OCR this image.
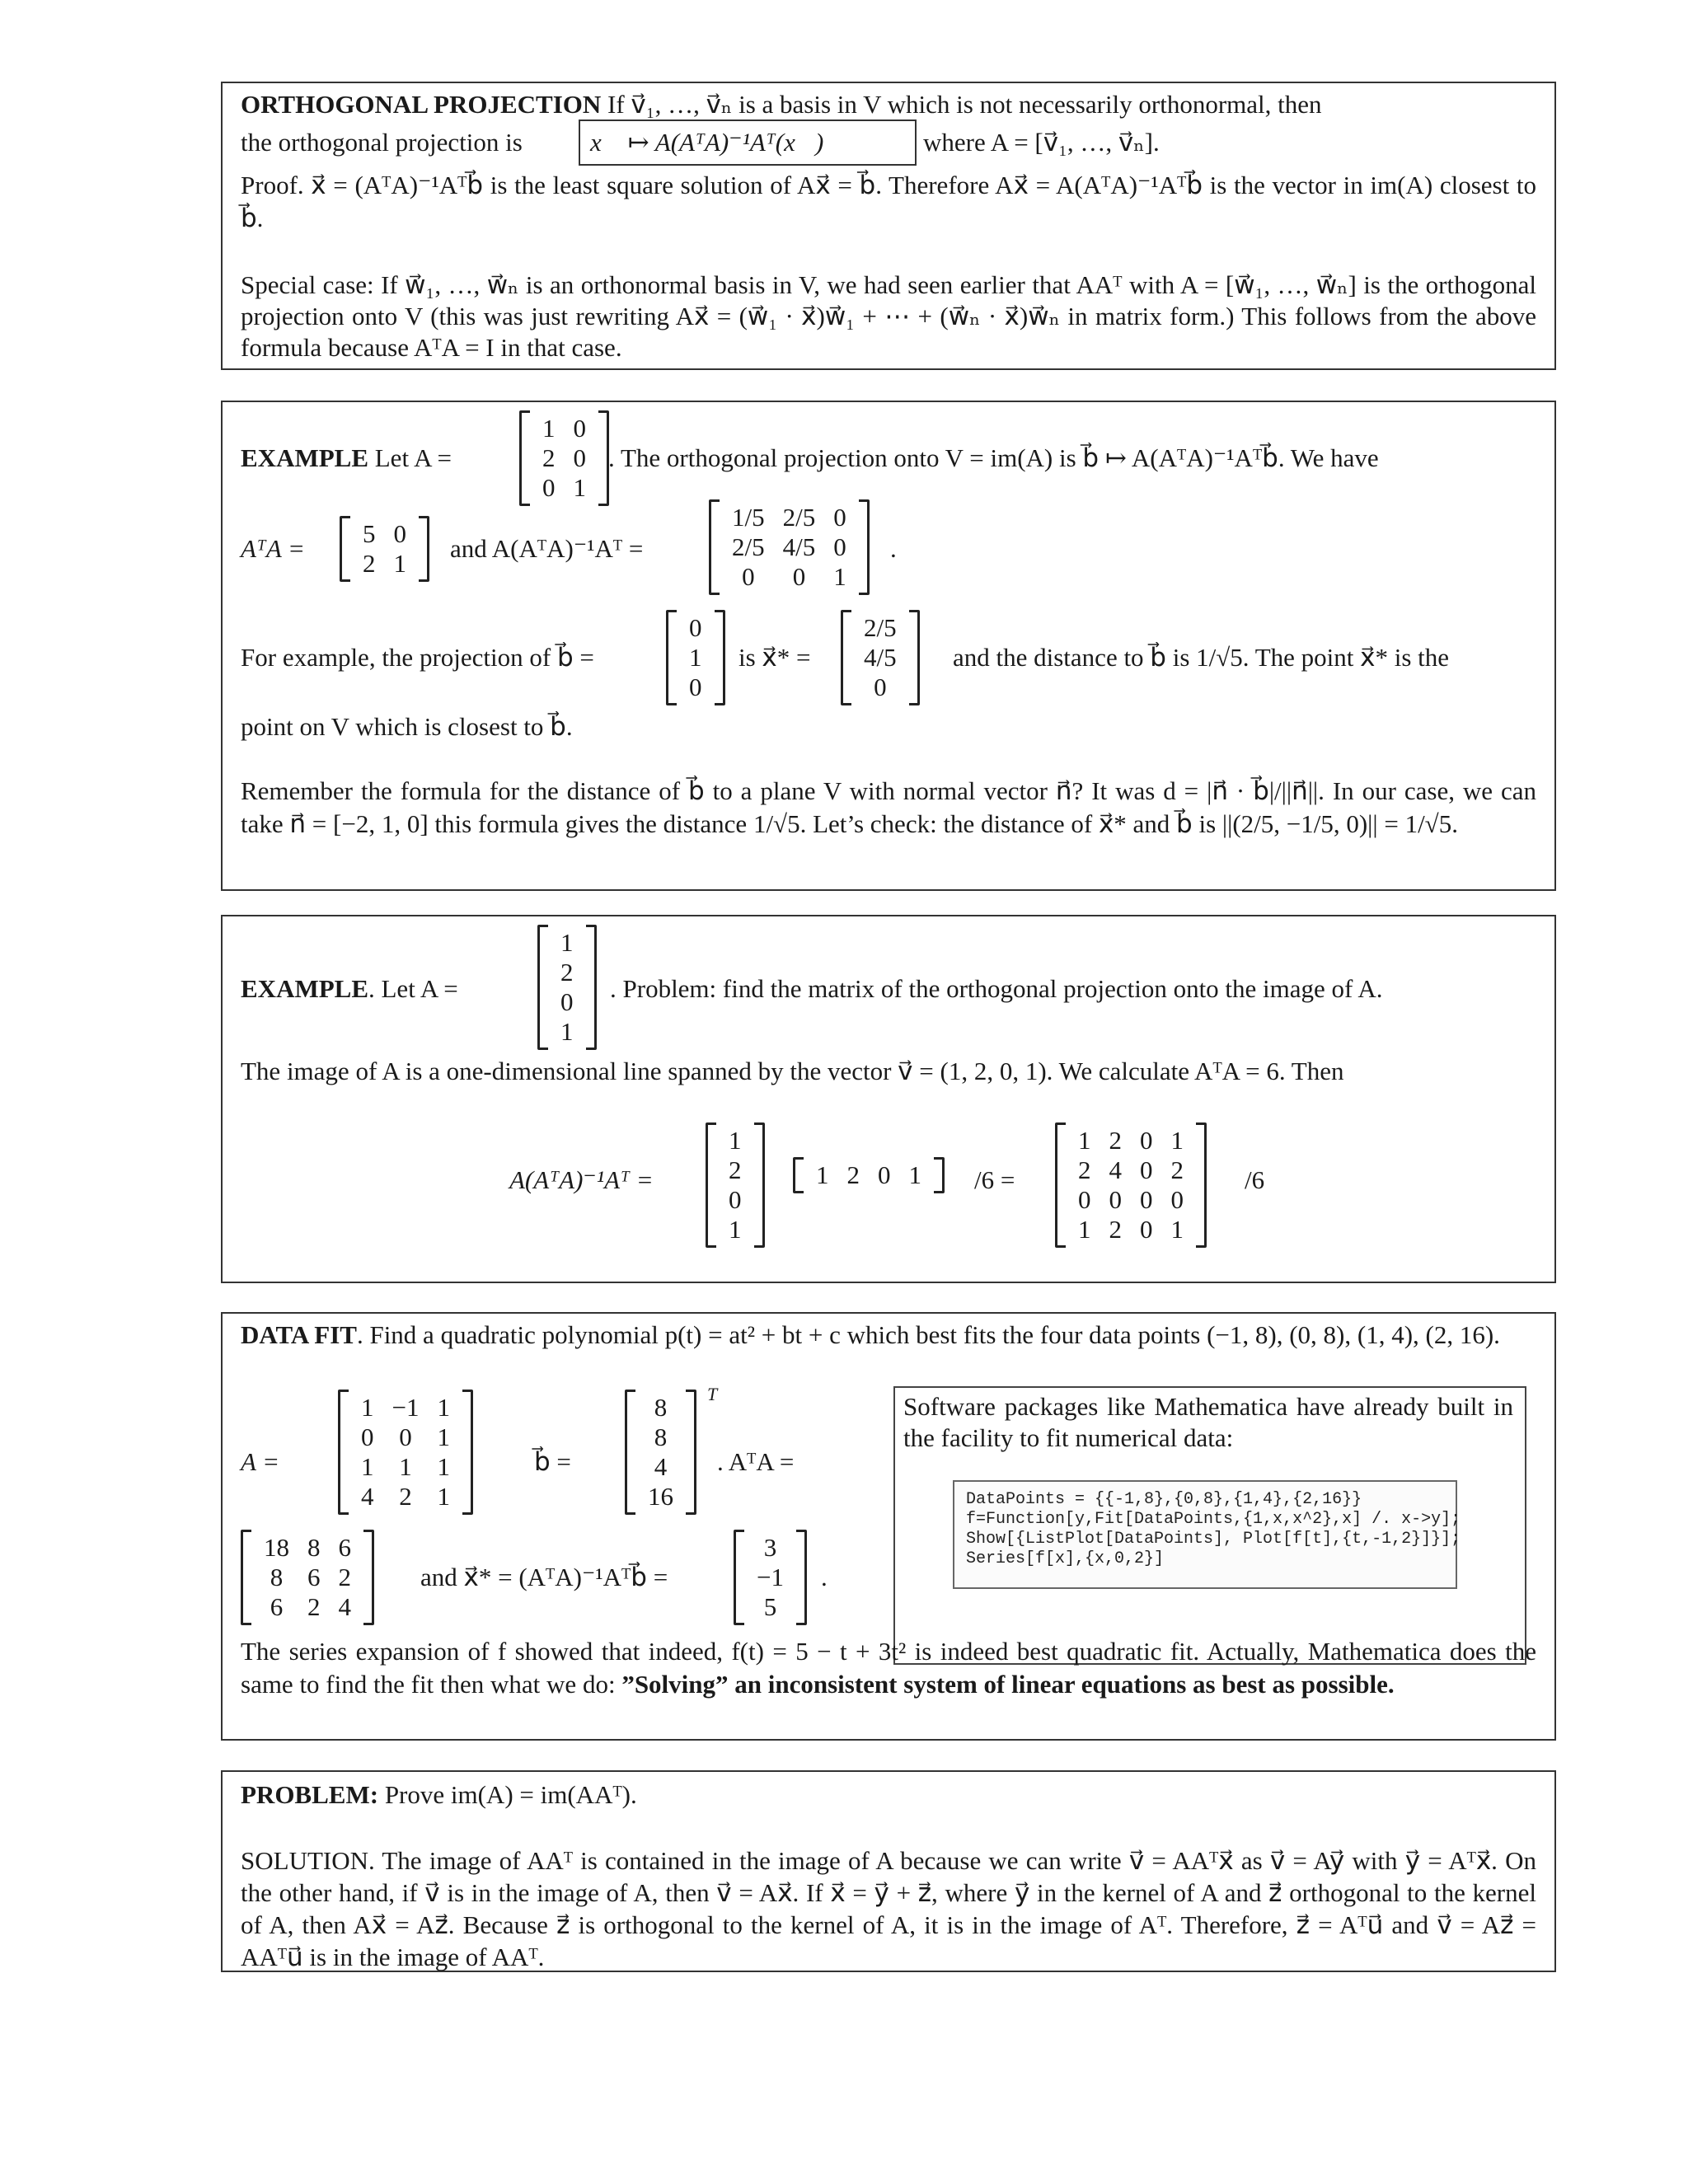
ORTHOGONAL PROJECTION If v⃗₁, …, v⃗ₙ is a basis in V which is not necessarily orthonormal, then
the orthogonal projection is	x⃗ ↦ A(AᵀA)⁻¹Aᵀ(x⃗)	where A = [v⃗₁, …, v⃗ₙ].

Proof. x⃗ = (AᵀA)⁻¹Aᵀb⃗ is the least square solution of Ax⃗ = b⃗. Therefore Ax⃗ = A(AᵀA)⁻¹Aᵀb⃗ is the vector in im(A) closest to b⃗.

Special case: If w⃗₁, …, w⃗ₙ is an orthonormal basis in V, we had seen earlier that AAᵀ with A = [w⃗₁, …, w⃗ₙ] is the orthogonal projection onto V (this was just rewriting Ax⃗ = (w⃗₁ · x⃗)w⃗₁ + ⋯ + (w⃗ₙ · x⃗)w⃗ₙ in matrix form.) This follows from the above formula because AᵀA = I in that case.

EXAMPLE Let A =
1	0
2	0
0	1
. The orthogonal projection onto V = im(A) is b⃗ ↦ A(AᵀA)⁻¹Aᵀb⃗. We have
AᵀA =
5	0
2	1
and A(AᵀA)⁻¹Aᵀ =
1/5	2/5	0
2/5	4/5	0
0	0	1
.
For example, the projection of b⃗ =
0
1
0
is x⃗* =
2/5
4/5
0
and the distance to b⃗ is 1/√5. The point x⃗* is the
point on V which is closest to b⃗.

Remember the formula for the distance of b⃗ to a plane V with normal vector n⃗? It was d = |n⃗ · b⃗|/||n⃗||. In our case, we can take n⃗ = [−2, 1, 0] this formula gives the distance 1/√5. Let’s check: the distance of x⃗* and b⃗ is ||(2/5, −1/5, 0)|| = 1/√5.

EXAMPLE. Let A =
1
2
0
1
. Problem: find the matrix of the orthogonal projection onto the image of A.
The image of A is a one-dimensional line spanned by the vector v⃗ = (1, 2, 0, 1). We calculate AᵀA = 6. Then
A(AᵀA)⁻¹Aᵀ =
1
2
0
1
1	2	0	1 /6 =
1	2	0	1
2	4	0	2
0	0	0	0
1	2	0	1
/6

DATA FIT. Find a quadratic polynomial p(t) = at² + bt + c which best fits the four data points (−1, 8), (0, 8), (1, 4), (2, 16).

A =
1	−1	1
0	0	1
1	1	1
4	2	1
b⃗ =
8
8
4
16
T
. AᵀA =
18	8	6
8	6	2
6	2	4
and x⃗* = (AᵀA)⁻¹Aᵀb⃗ =
3
−1
5
.

Software packages like Mathematica have already built in the facility to fit numerical data:

DataPoints = {{-1,8},{0,8},{1,4},{2,16}}
f=Function[y,Fit[DataPoints,{1,x,x^2},x] /. x->y];
Show[{ListPlot[DataPoints], Plot[f[t],{t,-1,2}]}];
Series[f[x],{x,0,2}]

The series expansion of f showed that indeed, f(t) = 5 − t + 3t² is indeed best quadratic fit. Actually, Mathematica does the same to find the fit then what we do: ”Solving” an inconsistent system of linear equations as best as possible.

PROBLEM: Prove im(A) = im(AAᵀ).

SOLUTION. The image of AAᵀ is contained in the image of A because we can write v⃗ = AAᵀx⃗ as v⃗ = Ay⃗ with y⃗ = Aᵀx⃗. On the other hand, if v⃗ is in the image of A, then v⃗ = Ax⃗. If x⃗ = y⃗ + z⃗, where y⃗ in the kernel of A and z⃗ orthogonal to the kernel of A, then Ax⃗ = Az⃗. Because z⃗ is orthogonal to the kernel of A, it is in the image of Aᵀ. Therefore, z⃗ = Aᵀu⃗ and v⃗ = Az⃗ = AAᵀu⃗ is in the image of AAᵀ.
